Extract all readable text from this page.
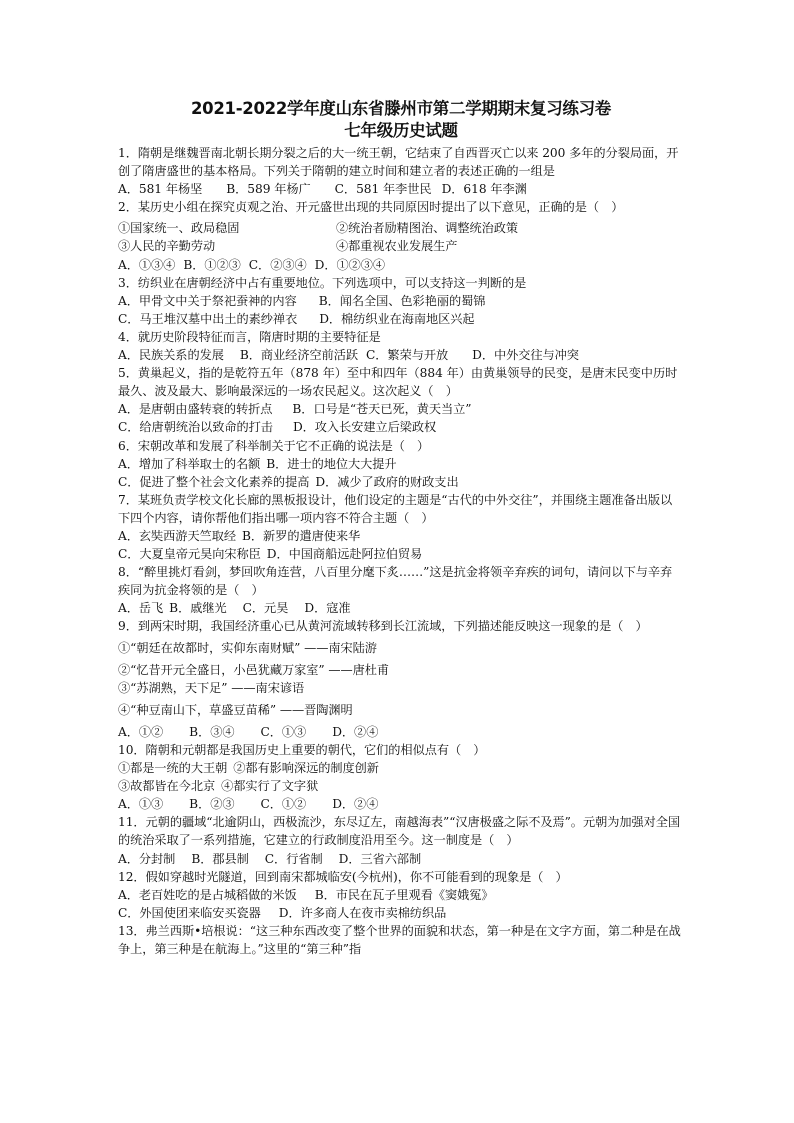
2021-2022学年度山东省滕州市第二学期期末复习练习卷
七年级历史试题
1．隋朝是继魏晋南北朝长期分裂之后的大一统王朝，它结束了自西晋灭亡以来 200 多年的分裂局面，开创了隋唐盛世的基本格局。下列关于隋朝的建立时间和建立者的表述正确的一组是
A．581 年杨坚 B．589 年杨广 C．581 年李世民 D．618 年李渊
2．某历史小组在探究贞观之治、开元盛世出现的共同原因时提出了以下意见，正确的是（　）
①国家统一、政局稳固	②统治者励精图治、调整统治政策
③人民的辛勤劳动	④都重视农业发展生产
A．①③④ B．①②③ C．②③④ D．①②③④
3．纺织业在唐朝经济中占有重要地位。下列选项中，可以支持这一判断的是
A．甲骨文中关于祭祀蚕神的内容 B．闻名全国、色彩艳丽的蜀锦
C．马王堆汉墓中出土的素纱禅衣 D．棉纺织业在海南地区兴起
4．就历史阶段特征而言，隋唐时期的主要特征是
A．民族关系的发展 B．商业经济空前活跃 C．繁荣与开放 D．中外交往与冲突
5．黄巢起义，指的是乾符五年（878 年）至中和四年（884 年）由黄巢领导的民变，是唐末民变中历时最久、波及最大、影响最深远的一场农民起义。这次起义（　）
A．是唐朝由盛转衰的转折点 B．口号是“苍天已死，黄天当立”
C．给唐朝统治以致命的打击 D．攻入长安建立后梁政权
6．宋朝改革和发展了科举制关于它不正确的说法是（　）
A．增加了科举取士的名额 B．进士的地位大大提升
C．促进了整个社会文化素养的提高 D．减少了政府的财政支出
7．某班负责学校文化长廊的黑板报设计，他们设定的主题是“古代的中外交往”，并围绕主题准备出版以下四个内容，请你帮他们指出哪一项内容不符合主题（　）
A．玄奘西游天竺取经 B．新罗的遣唐使来华
C．大夏皇帝元昊向宋称臣 D．中国商船远赴阿拉伯贸易
8．“醉里挑灯看剑，梦回吹角连营，八百里分麾下炙……”这是抗金将领辛弃疾的词句，请问以下与辛弃疾同为抗金将领的是（　）
A．岳飞 B．戚继光 C．元昊 D．寇准
9．到两宋时期，我国经济重心已从黄河流域转移到长江流域，下列描述能反映这一现象的是（　）
①“朝廷在故都时，实仰东南财赋” ——南宋陆游
②“忆昔开元全盛日，小邑犹藏万家室” ——唐杜甫
③“苏湖熟，天下足” ——南宋谚语
④“种豆南山下，草盛豆苗稀” ——晋陶渊明
A．①② B．③④ C．①③ D．②④
10．隋朝和元朝都是我国历史上重要的朝代，它们的相似点有（　）
①都是一统的大王朝 ②都有影响深远的制度创新
③故都皆在今北京 ④都实行了文字狱
A．①③ B．②③ C．①② D．②④
11．元朝的疆域“北逾阴山，西极流沙，东尽辽左，南越海表”“汉唐极盛之际不及焉”。元朝为加强对全国的统治采取了一系列措施，它建立的行政制度沿用至今。这一制度是（　）
A．分封制 B．郡县制 C．行省制 D．三省六部制
12．假如穿越时光隧道，回到南宋都城临安(今杭州)，你不可能看到的现象是（　）
A．老百姓吃的是占城稻做的米饭 B．市民在瓦子里观看《窦娥冤》
C．外国使团来临安买瓷器 D．许多商人在夜市卖棉纺织品
13．弗兰西斯•培根说：“这三种东西改变了整个世界的面貌和状态，第一种是在文字方面，第二种是在战争上，第三种是在航海上。”这里的“第三种”指
